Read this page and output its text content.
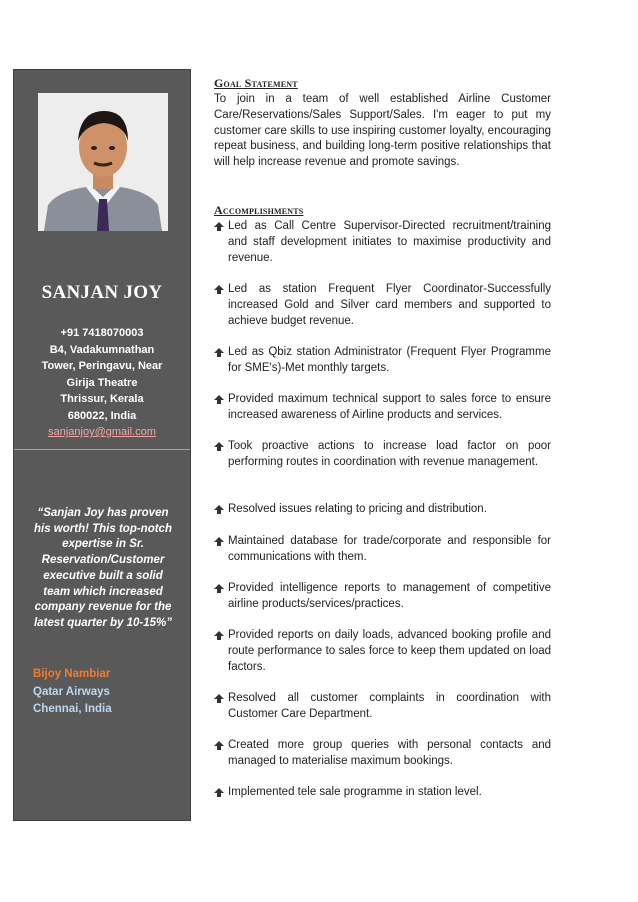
SANJAN JOY
+91 7418070003
B4, Vadakumnathan
Tower, Peringavu, Near
Girija Theatre
Thrissur, Kerala
680022, India
sanjanjoy@gmail.com
“Sanjan Joy has proven his worth! This top-notch expertise in Sr. Reservation/Customer executive built a solid team which increased company revenue for the latest quarter by 10-15%”
Bijoy Nambiar
Qatar Airways
Chennai, India
Goal Statement

To join in a team of well established Airline Customer Care/Reservations/Sales Support/Sales. I'm eager to put my customer care skills to use inspiring customer loyalty, encouraging repeat business, and building long-term positive relationships that will help increase revenue and promote savings.

Accomplishments
Led as Call Centre Supervisor-Directed recruitment/training and staff development initiates to maximise productivity and revenue.
Led as station Frequent Flyer Coordinator-Successfully increased Gold and Silver card members and supported to achieve budget revenue.
Led as Qbiz station Administrator (Frequent Flyer Programme for SME's)-Met monthly targets.
Provided maximum technical support to sales force to ensure increased awareness of Airline products and services.
Took proactive actions to increase load factor on poor performing routes in coordination with revenue management.
Resolved issues relating to pricing and distribution.
Maintained database for trade/corporate and responsible for communications with them.
Provided intelligence reports to management of competitive airline products/services/practices.
Provided reports on daily loads, advanced booking profile and route performance to sales force to keep them updated on load factors.
Resolved all customer complaints in coordination with Customer Care Department.
Created more group queries with personal contacts and managed to materialise maximum bookings.
Implemented tele sale programme in station level.
